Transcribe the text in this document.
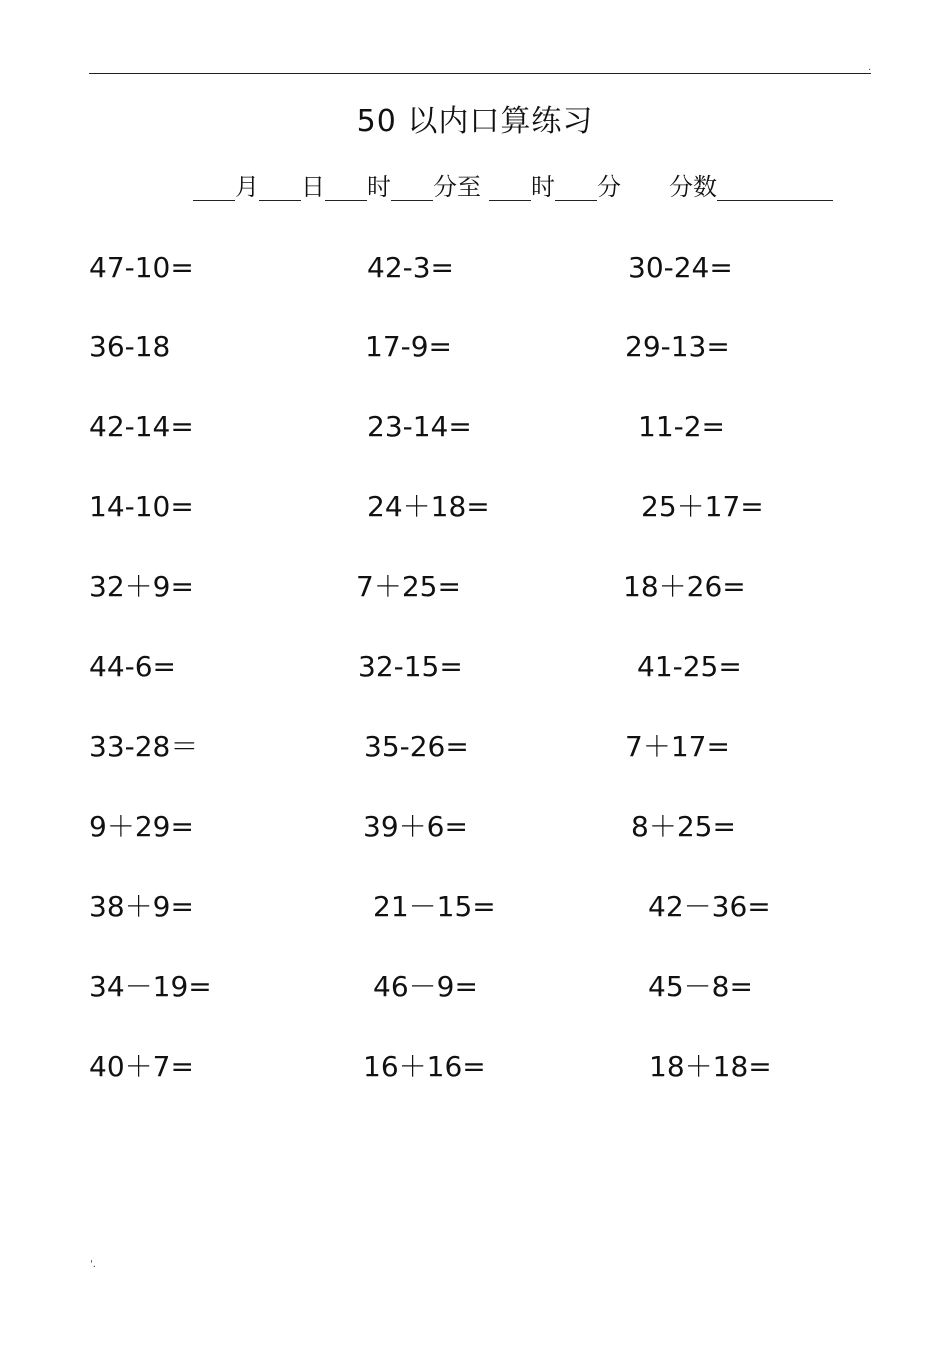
.
'.
50 以内口算练习
月 日 时 分至 时 分 分数
47-10=	42-3=	30-24=
36-18	17-9=	29-13=
42-14=	23-14=	11-2=
14-10=	24＋18=	25＋17=
32＋9=	7＋25=	18＋26=
44-6=	32-15=	41-25=
33-28＝	35-26=	7＋17=
9＋29=	39＋6=	8＋25=
38＋9=	21－15=	42－36=
34－19=	46－9=	45－8=
40＋7=	16＋16=	18＋18=
